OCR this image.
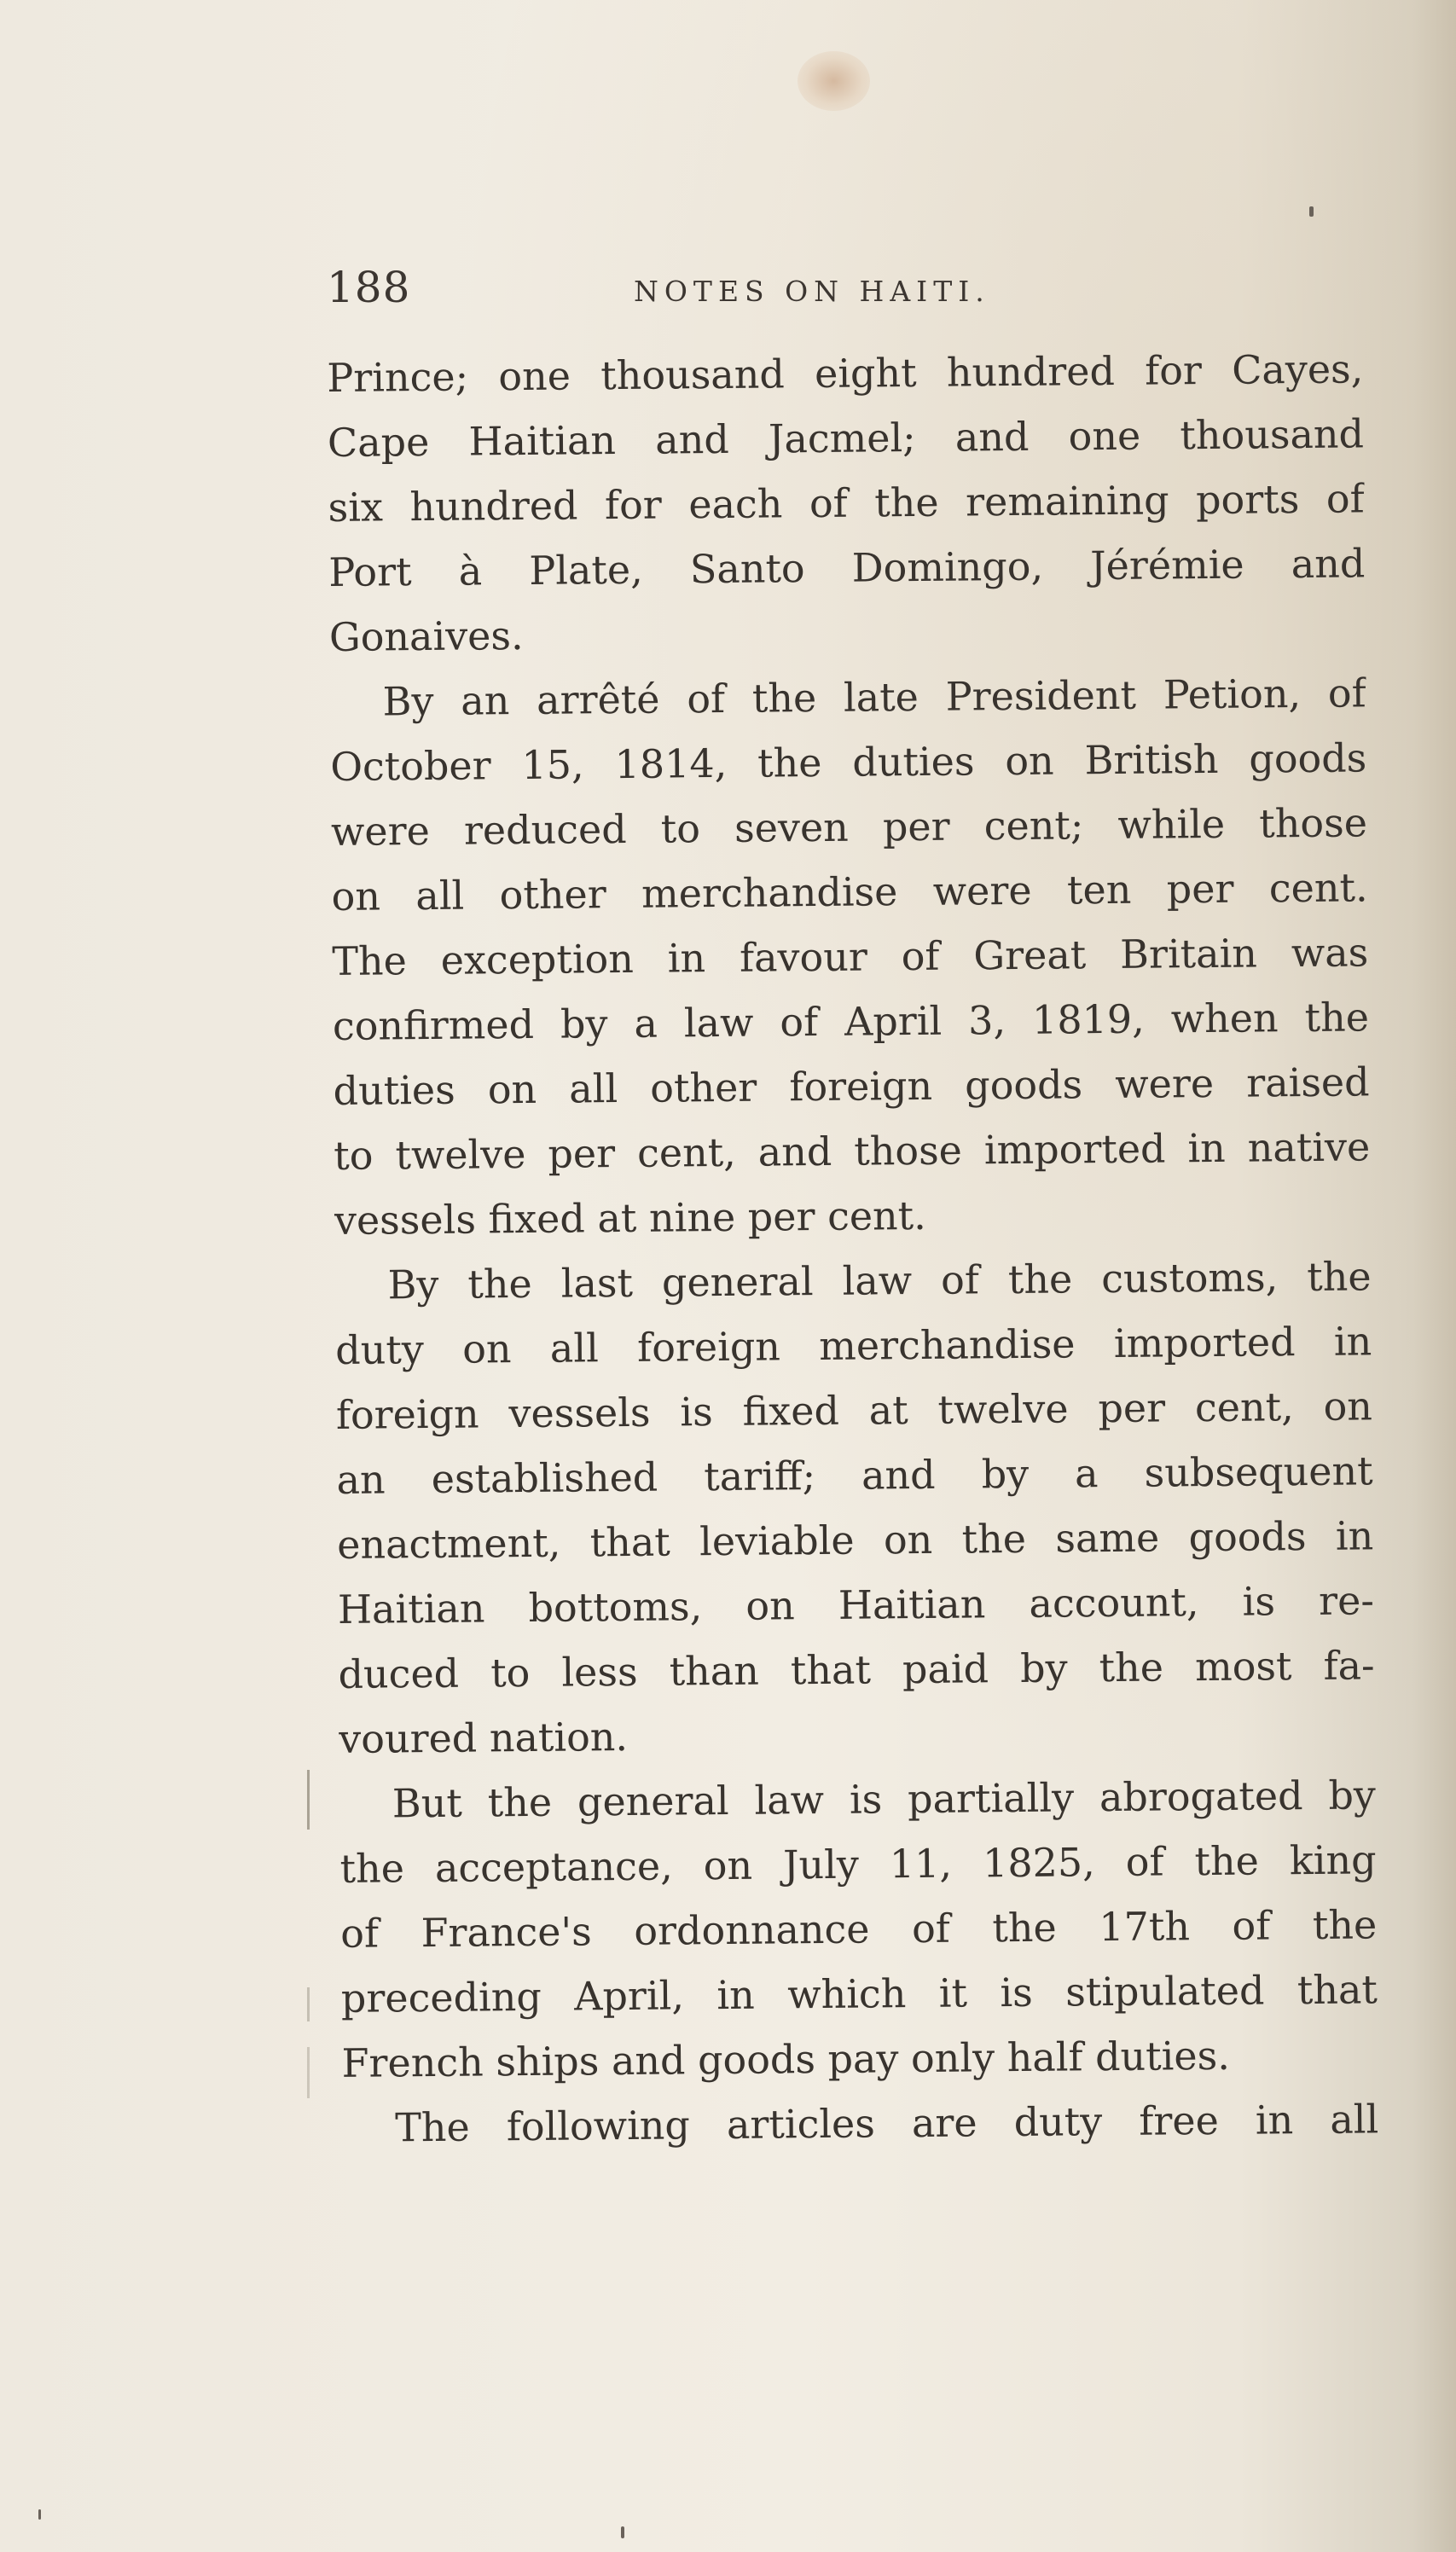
188	NOTES ON HAITI.
Prince; one thousand eight hundred for Cayes,
Cape Haitian and Jacmel; and one thousand
six hundred for each of the remaining ports of
Port à Plate, Santo Domingo, Jérémie and
Gonaives.
By an arrêté of the late President Petion, of
October 15, 1814, the duties on British goods
were reduced to seven per cent; while those
on all other merchandise were ten per cent.
The exception in favour of Great Britain was
confirmed by a law of April 3, 1819, when the
duties on all other foreign goods were raised
to twelve per cent, and those imported in native
vessels fixed at nine per cent.
By the last general law of the customs, the
duty on all foreign merchandise imported in
foreign vessels is fixed at twelve per cent, on
an established tariff; and by a subsequent
enactment, that leviable on the same goods in
Haitian bottoms, on Haitian account, is re-
duced to less than that paid by the most fa-
voured nation.
But the general law is partially abrogated by
the acceptance, on July 11, 1825, of the king
of France's ordonnance of the 17th of the
preceding April, in which it is stipulated that
French ships and goods pay only half duties.
The following articles are duty free in all
